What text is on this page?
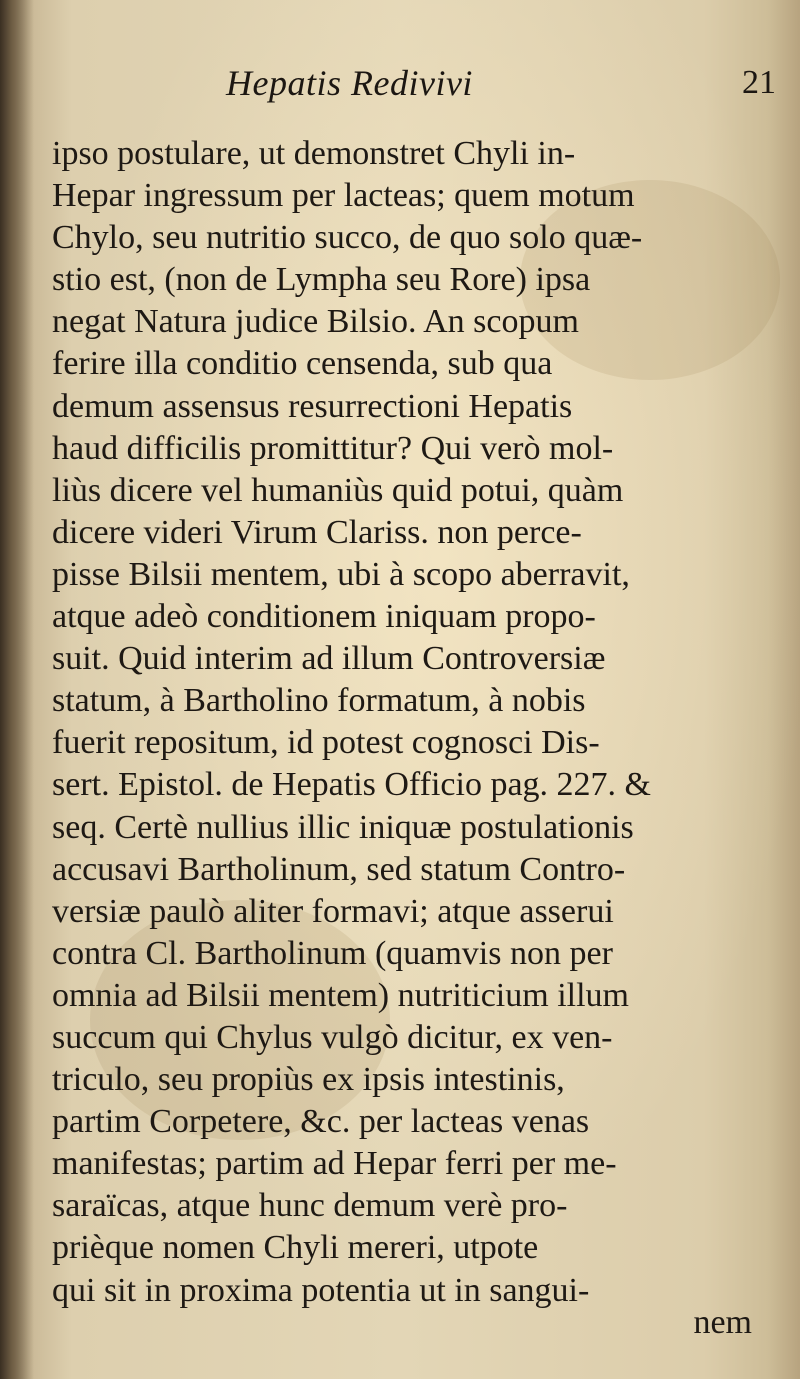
Hepatis Redivivi	21
ipso postulare, ut demonstret Chyli in-
Hepar ingressum per lacteas; quem motum
Chylo, seu nutritio succo, de quo solo quæ-
stio est, (non de Lympha seu Rore) ipsa
negat Natura judice Bilsio. An scopum
ferire illa conditio censenda, sub qua
demum assensus resurrectioni Hepatis
haud difficilis promittitur? Qui verò mol-
liùs dicere vel humaniùs quid potui, quàm
dicere videri Virum Clariss. non perce-
pisse Bilsii mentem, ubi à scopo aberravit,
atque adeò conditionem iniquam propo-
suit. Quid interim ad illum Controversiæ
statum, à Bartholino formatum, à nobis
fuerit repositum, id potest cognosci Dis-
sert. Epistol. de Hepatis Officio pag. 227. &
seq. Certè nullius illic iniquæ postulationis
accusavi Bartholinum, sed statum Contro-
versiæ paulò aliter formavi; atque asserui
contra Cl. Bartholinum (quamvis non per
omnia ad Bilsii mentem) nutriticium illum
succum qui Chylus vulgò dicitur, ex ven-
triculo, seu propiùs ex ipsis intestinis,
partim Corpetere, &c. per lacteas venas
manifestas; partim ad Hepar ferri per me-
saraïcas, atque hunc demum verè pro-
prièque nomen Chyli mereri, utpote
qui sit in proxima potentia ut in sangui-
nem
